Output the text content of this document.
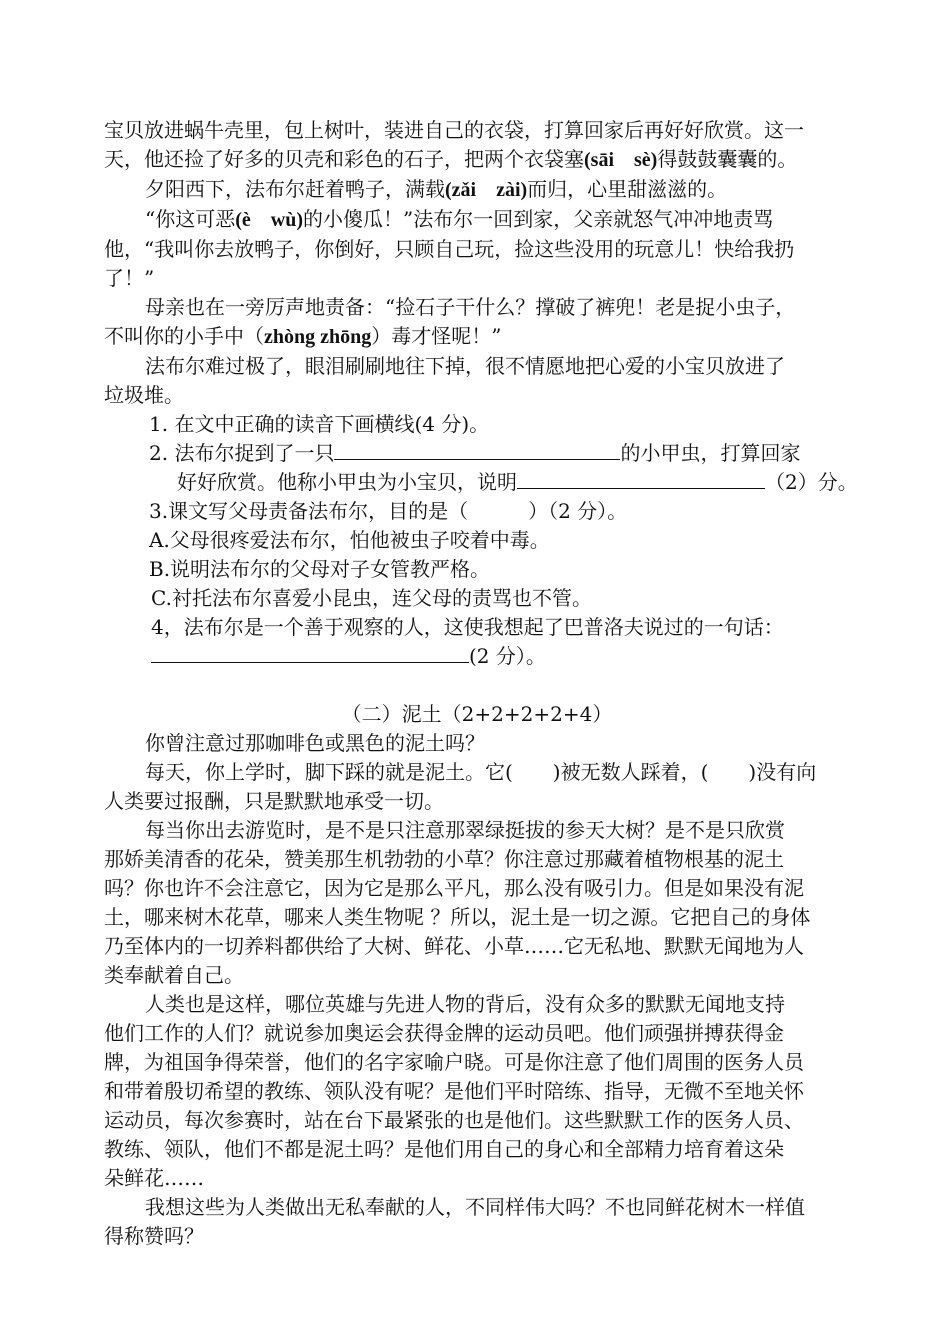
宝贝放进蜗牛壳里，包上树叶，装进自己的衣袋，打算回家后再好好欣赏。这一
天，他还捡了好多的贝壳和彩色的石子，把两个衣袋塞(sāi　sè)得鼓鼓囊囊的。
夕阳西下，法布尔赶着鸭子，满载(zǎi　zài)而归，心里甜滋滋的。
“你这可恶(è　wù)的小傻瓜！”法布尔一回到家，父亲就怒气冲冲地责骂
他，“我叫你去放鸭子，你倒好，只顾自己玩，捡这些没用的玩意儿！快给我扔
了！”
母亲也在一旁厉声地责备：“捡石子干什么？撑破了裤兜！老是捉小虫子，
不叫你的小手中（zhòng zhōng）毒才怪呢！”
法布尔难过极了，眼泪刷刷地往下掉，很不情愿地把心爱的小宝贝放进了
垃圾堆。
1. 在文中正确的读音下画横线(4 分)。
2. 法布尔捉到了一只	的小甲虫，打算回家
好好欣赏。他称小甲虫为小宝贝，说明	（2）分。
3.课文写父母责备法布尔，目的是（　　　）（2 分）。
A.父母很疼爱法布尔，怕他被虫子咬着中毒。
B.说明法布尔的父母对子女管教严格。
C.衬托法布尔喜爱小昆虫，连父母的责骂也不管。
4，法布尔是一个善于观察的人，这使我想起了巴普洛夫说过的一句话：
(2 分）。
（二）泥土（2+2+2+2+4）
你曾注意过那咖啡色或黑色的泥土吗？
每天，你上学时，脚下踩的就是泥土。它(　　)被无数人踩着，(　　)没有向
人类要过报酬，只是默默地承受一切。
每当你出去游览时，是不是只注意那翠绿挺拔的参天大树？是不是只欣赏
那娇美清香的花朵，赞美那生机勃勃的小草？你注意过那藏着植物根基的泥土
吗？你也许不会注意它，因为它是那么平凡，那么没有吸引力。但是如果没有泥
土，哪来树木花草，哪来人类生物呢 ？所以，泥土是一切之源。它把自己的身体
乃至体内的一切养料都供给了大树、鲜花、小草……它无私地、默默无闻地为人
类奉献着自己。
人类也是这样，哪位英雄与先进人物的背后，没有众多的默默无闻地支持
他们工作的人们？就说参加奥运会获得金牌的运动员吧。他们顽强拼搏获得金
牌，为祖国争得荣誉，他们的名字家喻户晓。可是你注意了他们周围的医务人员
和带着殷切希望的教练、领队没有呢？是他们平时陪练、指导，无微不至地关怀
运动员，每次参赛时，站在台下最紧张的也是他们。这些默默工作的医务人员、
教练、领队，他们不都是泥土吗？是他们用自己的身心和全部精力培育着这朵
朵鲜花……
我想这些为人类做出无私奉献的人，不同样伟大吗？不也同鲜花树木一样值
得称赞吗？
